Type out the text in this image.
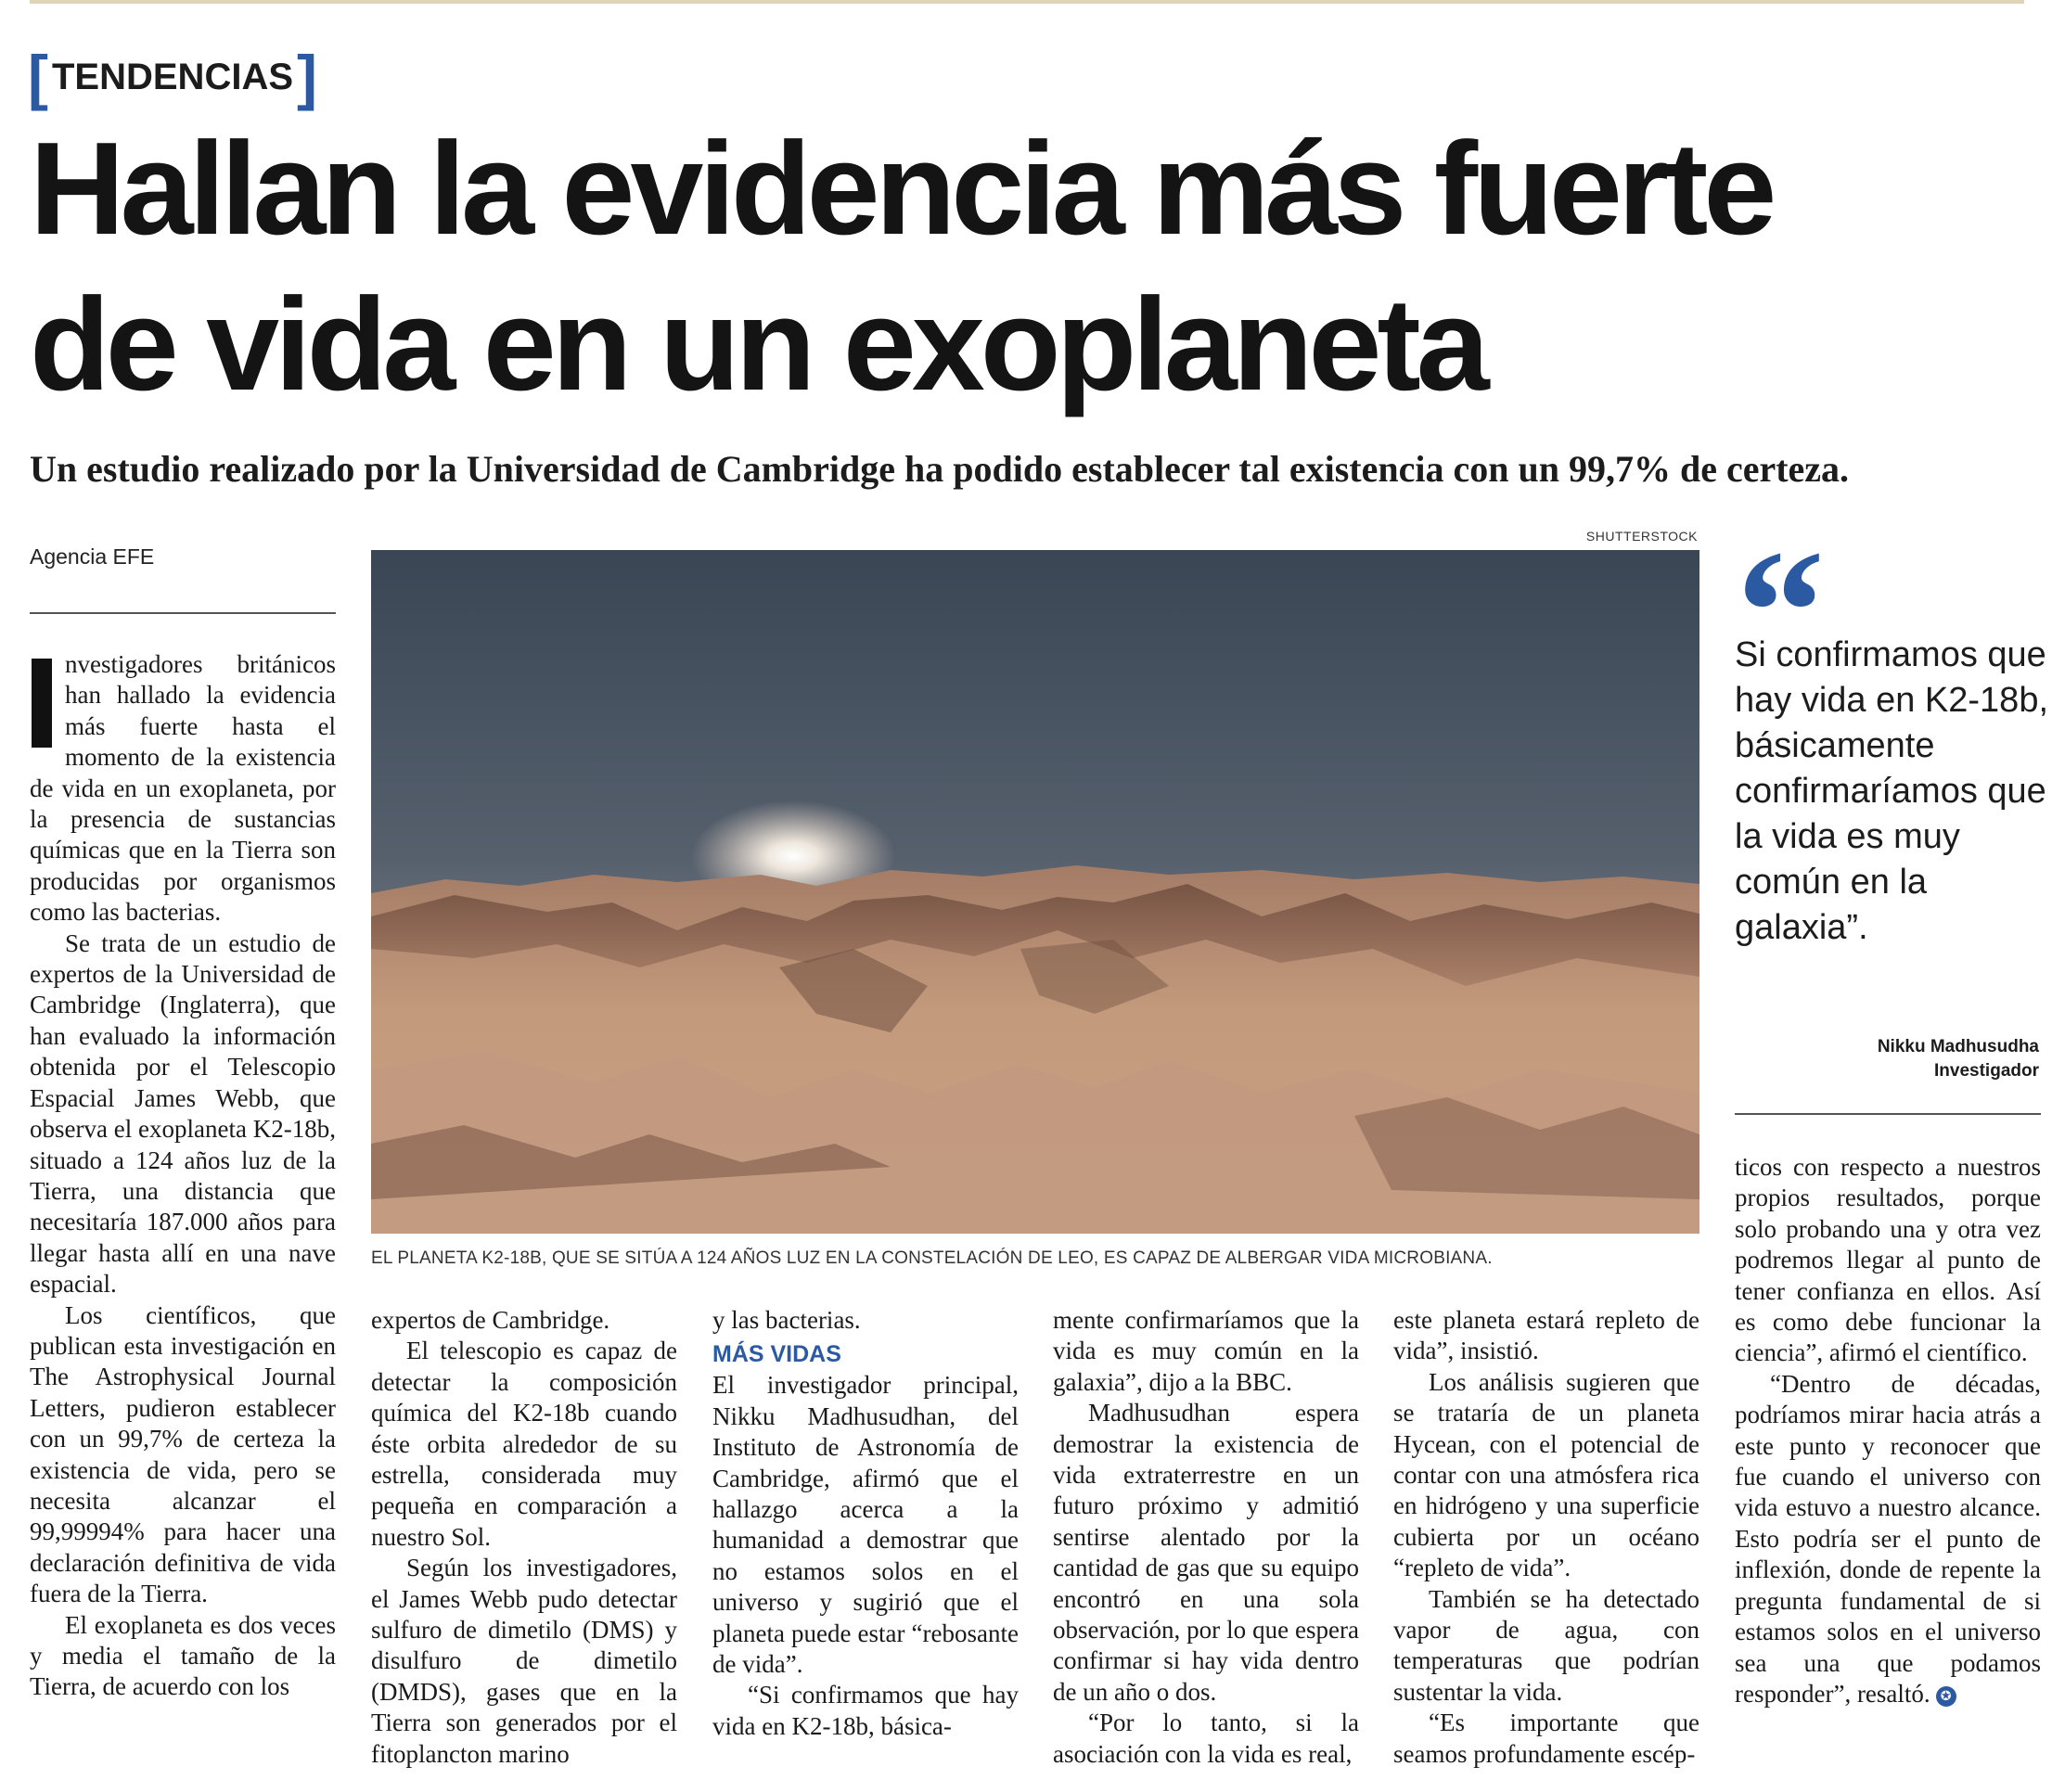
[ TENDENCIAS ]
Hallan la evidencia más fuerte
de vida en un exoplaneta

Un estudio realizado por la Universidad de Cambridge ha podido establecer tal existencia con un 99,7% de certeza.

Agencia EFE
SHUTTERSTOCK
EL PLANETA K2-18B, QUE SE SITÚA A 124 AÑOS LUZ EN LA CONSTELACIÓN DE LEO, ES CAPAZ DE ALBERGAR VIDA MICROBIANA.

nvestigadores británicos han hallado la evidencia más fuerte hasta el momento de la existencia de vida en un exoplaneta, por la presencia de sustancias químicas que en la Tierra son producidas por organismos como las bacterias.

Se trata de un estudio de expertos de la Universidad de Cambridge (Inglaterra), que han evaluado la información obtenida por el Telescopio Espacial James Webb, que observa el exoplaneta K2-18b, situado a 124 años luz de la Tierra, una distancia que necesitaría 187.000 años para llegar hasta allí en una nave espacial.

Los científicos, que publican esta investigación en The Astrophysical Journal Letters, pudieron establecer con un 99,7% de certeza la existencia de vida, pero se necesita alcanzar el 99,99994% para hacer una declaración definitiva de vida fuera de la Tierra.

El exoplaneta es dos veces y media el tamaño de la Tierra, de acuerdo con los

expertos de Cambridge.

El telescopio es capaz de detectar la composición química del K2-18b cuando éste orbita alrededor de su estrella, considerada muy pequeña en comparación a nuestro Sol.

Según los investigadores, el James Webb pudo detectar sulfuro de dimetilo (DMS) y disulfuro de dimetilo (DMDS), gases que en la Tierra son generados por el fitoplancton marino

y las bacterias.

MÁS VIDAS

El investigador principal, Nikku Madhusudhan, del Instituto de Astronomía de Cambridge, afirmó que el hallazgo acerca a la humanidad a demostrar que no estamos solos en el universo y sugirió que el planeta puede estar “rebosante de vida”.

“Si confirmamos que hay vida en K2-18b, básica-

mente confirmaríamos que la vida es muy común en la galaxia”, dijo a la BBC.

Madhusudhan espera demostrar la existencia de vida extraterrestre en un futuro próximo y admitió sentirse alentado por la cantidad de gas que su equipo encontró en una sola observación, por lo que espera confirmar si hay vida dentro de un año o dos.

“Por lo tanto, si la asociación con la vida es real,

este planeta estará repleto de vida”, insistió.

Los análisis sugieren que se trataría de un planeta Hycean, con el potencial de contar con una atmósfera rica en hidrógeno y una superficie cubierta por un océano “repleto de vida”.

También se ha detectado vapor de agua, con temperaturas que podrían sustentar la vida.

“Es importante que seamos profundamente escép-

“

Si confirmamos que hay vida en K2-18b, básicamente confirmaríamos que la vida es muy común en la galaxia”.

Nikku Madhusudha
Investigador

ticos con respecto a nuestros propios resultados, porque solo probando una y otra vez podremos llegar al punto de tener confianza en ellos. Así es como debe funcionar la ciencia”, afirmó el científico.

“Dentro de décadas, podríamos mirar hacia atrás a este punto y reconocer que fue cuando el universo con vida estuvo a nuestro alcance. Esto podría ser el punto de inflexión, donde de repente la pregunta fundamental de si estamos solos en el universo sea una que podamos responder”, resaltó. ✪
